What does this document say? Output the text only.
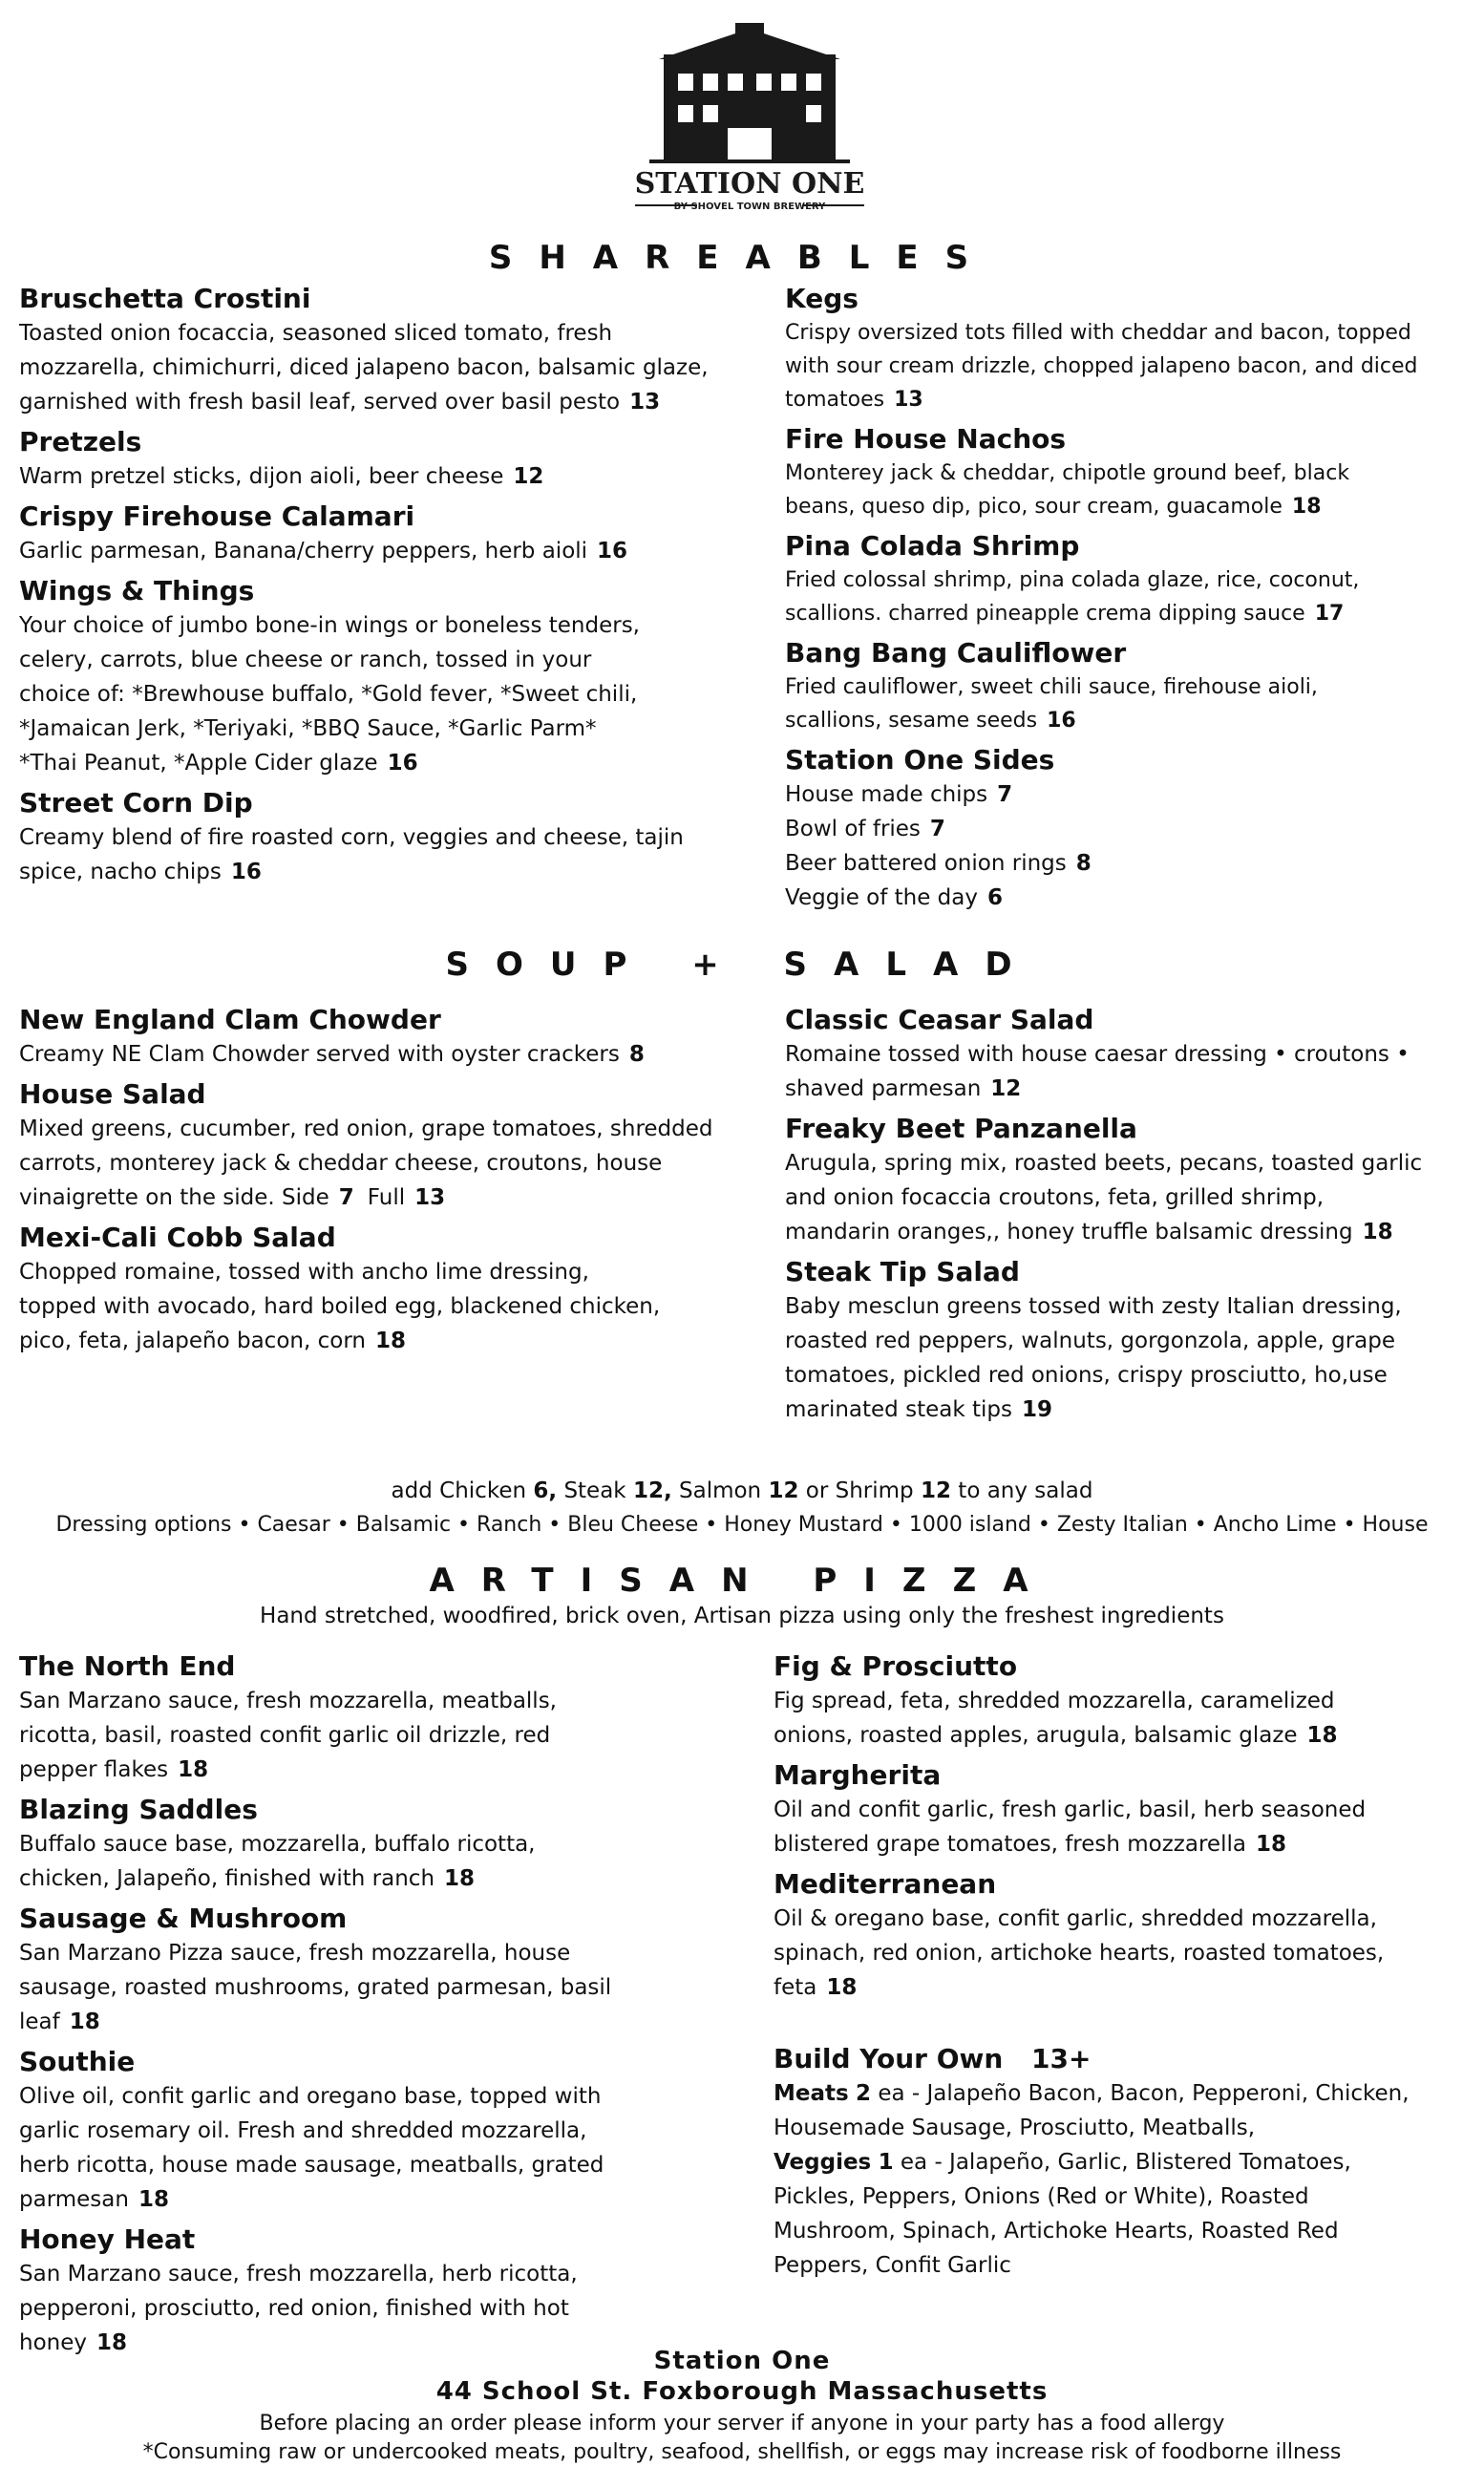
STATION ONE
BY SHOVEL TOWN BREWERY
SHAREABLES
Bruschetta Crostini
Toasted onion focaccia, seasoned sliced tomato, fresh
mozzarella, chimichurri, diced jalapeno bacon, balsamic glaze,
garnished with fresh basil leaf, served over basil pesto 13
Pretzels
Warm pretzel sticks, dijon aioli, beer cheese 12
Crispy Firehouse Calamari
Garlic parmesan, Banana/cherry peppers, herb aioli 16
Wings & Things
Your choice of jumbo bone-in wings or boneless tenders,
celery, carrots, blue cheese or ranch, tossed in your
choice of: *Brewhouse buffalo, *Gold fever, *Sweet chili,
*Jamaican Jerk, *Teriyaki, *BBQ Sauce, *Garlic Parm*
*Thai Peanut, *Apple Cider glaze 16
Street Corn Dip
Creamy blend of fire roasted corn, veggies and cheese, tajin
spice, nacho chips 16
Kegs
Crispy oversized tots filled with cheddar and bacon, topped
with sour cream drizzle, chopped jalapeno bacon, and diced
tomatoes 13
Fire House Nachos
Monterey jack & cheddar, chipotle ground beef, black
beans, queso dip, pico, sour cream, guacamole 18
Pina Colada Shrimp
Fried colossal shrimp, pina colada glaze, rice, coconut,
scallions. charred pineapple crema dipping sauce 17
Bang Bang Cauliflower
Fried cauliflower, sweet chili sauce, firehouse aioli,
scallions, sesame seeds 16
Station One Sides
House made chips 7
Bowl of fries 7
Beer battered onion rings 8
Veggie of the day 6
SOUP + SALAD
New England Clam Chowder
Creamy NE Clam Chowder served with oyster crackers 8
House Salad
Mixed greens, cucumber, red onion, grape tomatoes, shredded
carrots, monterey jack & cheddar cheese, croutons, house
vinaigrette on the side. Side 7 Full 13
Mexi-Cali Cobb Salad
Chopped romaine, tossed with ancho lime dressing,
topped with avocado, hard boiled egg, blackened chicken,
pico, feta, jalapeño bacon, corn 18
Classic Ceasar Salad
Romaine tossed with house caesar dressing • croutons •
shaved parmesan 12
Freaky Beet Panzanella
Arugula, spring mix, roasted beets, pecans, toasted garlic
and onion focaccia croutons, feta, grilled shrimp,
mandarin oranges,, honey truffle balsamic dressing 18
Steak Tip Salad
Baby mesclun greens tossed with zesty Italian dressing,
roasted red peppers, walnuts, gorgonzola, apple, grape
tomatoes, pickled red onions, crispy prosciutto, ho,use
marinated steak tips 19
add Chicken 6, Steak 12, Salmon 12 or Shrimp 12 to any salad
Dressing options • Caesar • Balsamic • Ranch • Bleu Cheese • Honey Mustard • 1000 island • Zesty Italian • Ancho Lime • House
ARTISAN PIZZA
Hand stretched, woodfired, brick oven, Artisan pizza using only the freshest ingredients
The North End
San Marzano sauce, fresh mozzarella, meatballs,
ricotta, basil, roasted confit garlic oil drizzle, red
pepper flakes 18
Blazing Saddles
Buffalo sauce base, mozzarella, buffalo ricotta,
chicken, Jalapeño, finished with ranch 18
Sausage & Mushroom
San Marzano Pizza sauce, fresh mozzarella, house
sausage, roasted mushrooms, grated parmesan, basil
leaf 18
Southie
Olive oil, confit garlic and oregano base, topped with
garlic rosemary oil. Fresh and shredded mozzarella,
herb ricotta, house made sausage, meatballs, grated
parmesan 18
Honey Heat
San Marzano sauce, fresh mozzarella, herb ricotta,
pepperoni, prosciutto, red onion, finished with hot
honey 18
Fig & Prosciutto
Fig spread, feta, shredded mozzarella, caramelized
onions, roasted apples, arugula, balsamic glaze 18
Margherita
Oil and confit garlic, fresh garlic, basil, herb seasoned
blistered grape tomatoes, fresh mozzarella 18
Mediterranean
Oil & oregano base, confit garlic, shredded mozzarella,
spinach, red onion, artichoke hearts, roasted tomatoes,
feta 18
Build Your Own 13+
Meats 2 ea - Jalapeño Bacon, Bacon, Pepperoni, Chicken,
Housemade Sausage, Prosciutto, Meatballs,
Veggies 1 ea - Jalapeño, Garlic, Blistered Tomatoes,
Pickles, Peppers, Onions (Red or White), Roasted
Mushroom, Spinach, Artichoke Hearts, Roasted Red
Peppers, Confit Garlic
Station One
44 School St. Foxborough Massachusetts
Before placing an order please inform your server if anyone in your party has a food allergy
*Consuming raw or undercooked meats, poultry, seafood, shellfish, or eggs may increase risk of foodborne illness
